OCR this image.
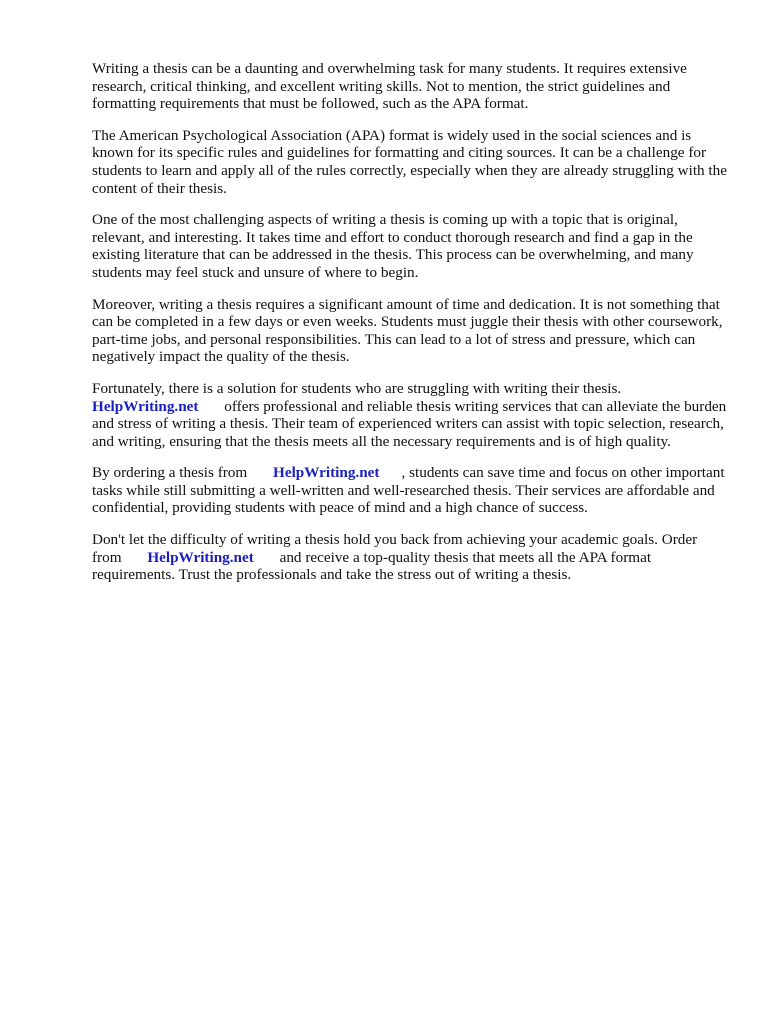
Writing a thesis can be a daunting and overwhelming task for many students. It requires extensive research, critical thinking, and excellent writing skills. Not to mention, the strict guidelines and formatting requirements that must be followed, such as the APA format.

The American Psychological Association (APA) format is widely used in the social sciences and is known for its specific rules and guidelines for formatting and citing sources. It can be a challenge for students to learn and apply all of the rules correctly, especially when they are already struggling with the content of their thesis.

One of the most challenging aspects of writing a thesis is coming up with a topic that is original, relevant, and interesting. It takes time and effort to conduct thorough research and find a gap in the existing literature that can be addressed in the thesis. This process can be overwhelming, and many students may feel stuck and unsure of where to begin.

Moreover, writing a thesis requires a significant amount of time and dedication. It is not something that can be completed in a few days or even weeks. Students must juggle their thesis with other coursework, part-time jobs, and personal responsibilities. This can lead to a lot of stress and pressure, which can negatively impact the quality of the thesis.

Fortunately, there is a solution for students who are struggling with writing their thesis.
HelpWriting.net offers professional and reliable thesis writing services that can alleviate the burden and stress of writing a thesis. Their team of experienced writers can assist with topic selection, research, and writing, ensuring that the thesis meets all the necessary requirements and is of high quality.

By ordering a thesis from HelpWriting.net , students can save time and focus on other important tasks while still submitting a well-written and well-researched thesis. Their services are affordable and confidential, providing students with peace of mind and a high chance of success.

Don't let the difficulty of writing a thesis hold you back from achieving your academic goals. Order from HelpWriting.net and receive a top-quality thesis that meets all the APA format requirements. Trust the professionals and take the stress out of writing a thesis.
